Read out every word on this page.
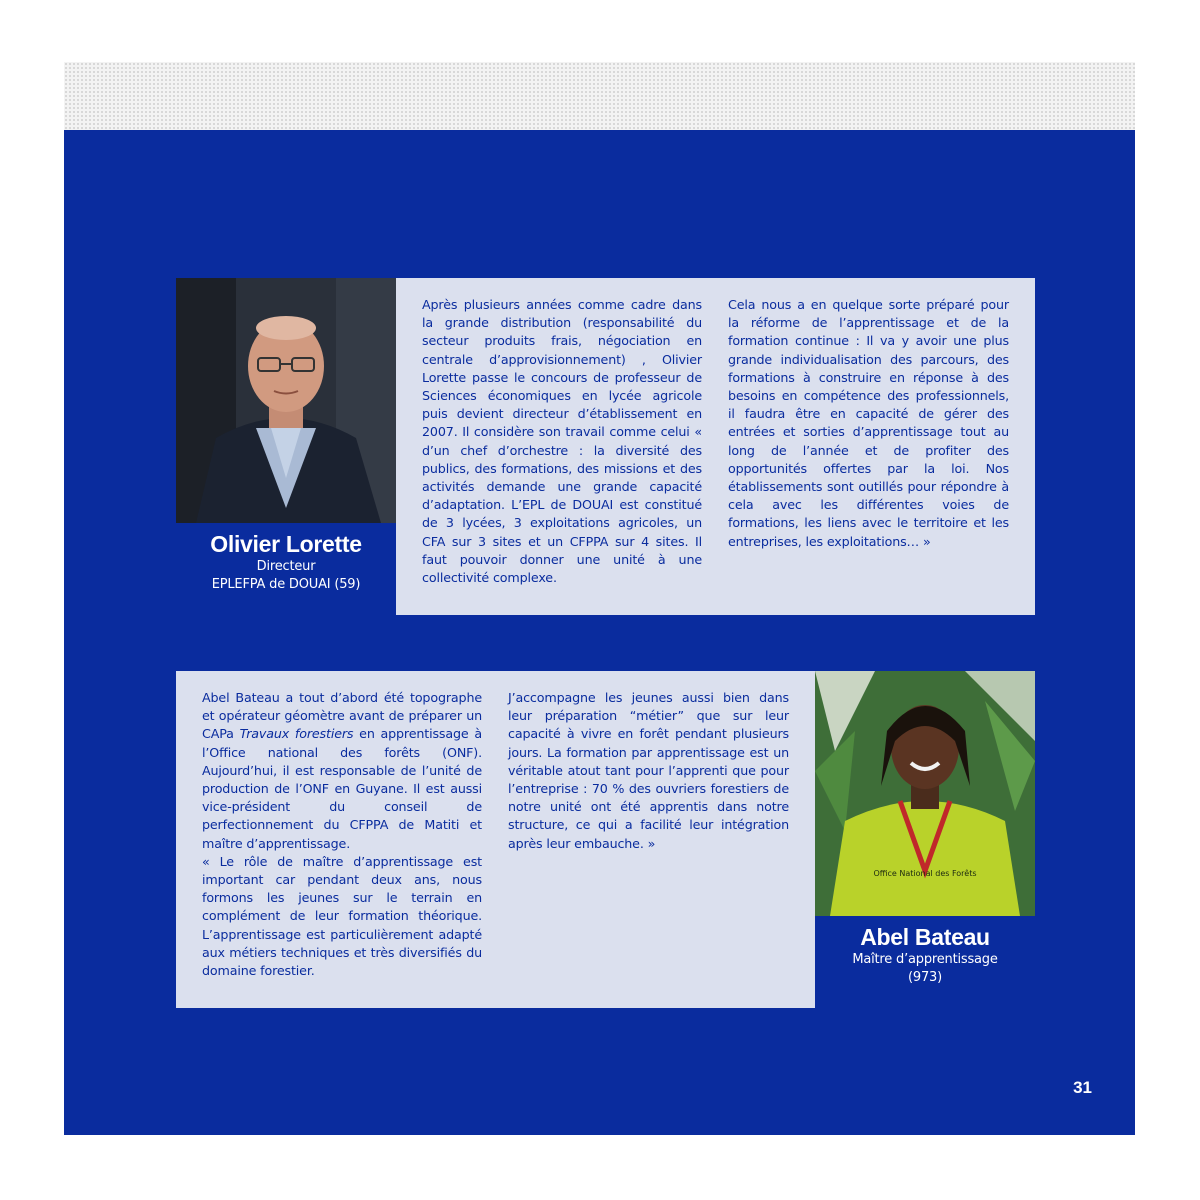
Après plusieurs années comme cadre dans la grande distribution (responsabilité du secteur produits frais, négociation en centrale d’approvisionnement) , Olivier Lorette passe le concours de professeur de Sciences économiques en lycée agricole puis devient directeur d’établissement en 2007. Il considère son travail comme celui « d’un chef d’orchestre : la diversité des publics, des formations, des missions et des activités demande une grande capacité d’adaptation. L’EPL de DOUAI est constitué de 3 lycées, 3 exploitations agricoles, un CFA sur 3 sites et un CFPPA sur 4 sites. Il faut pouvoir donner une unité à une collectivité complexe.

Cela nous a en quelque sorte préparé pour la réforme de l’apprentissage et de la formation continue : Il va y avoir une plus grande individualisation des parcours, des formations à construire en réponse à des besoins en compétence des professionnels, il faudra être en capacité de gérer des entrées et sorties d’apprentissage tout au long de l’année et de profiter des opportunités offertes par la loi. Nos établissements sont outillés pour répondre à cela avec les différentes voies de formations, les liens avec le territoire et les entreprises, les exploitations… »

Olivier Lorette
Directeur
EPLEFPA de DOUAI (59)

Abel Bateau a tout d’abord été topographe et opérateur géomètre avant de préparer un CAPa Travaux forestiers en apprentissage à l’Office national des forêts (ONF). Aujourd’hui, il est responsable de l’unité de production de l’ONF en Guyane. Il est aussi vice-président du conseil de perfectionnement du CFPPA de Matiti et maître d’apprentissage.

« Le rôle de maître d’apprentissage est important car pendant deux ans, nous formons les jeunes sur le terrain en complément de leur formation théorique. L’apprentissage est particulièrement adapté aux métiers techniques et très diversifiés du domaine forestier.

J’accompagne les jeunes aussi bien dans leur préparation “métier” que sur leur capacité à vivre en forêt pendant plusieurs jours. La formation par apprentissage est un véritable atout tant pour l’apprenti que pour l’entreprise : 70 % des ouvriers forestiers de notre unité ont été apprentis dans notre structure, ce qui a facilité leur intégration après leur embauche. »

Office National des Forêts
Abel Bateau
Maître d’apprentissage
(973)
31
